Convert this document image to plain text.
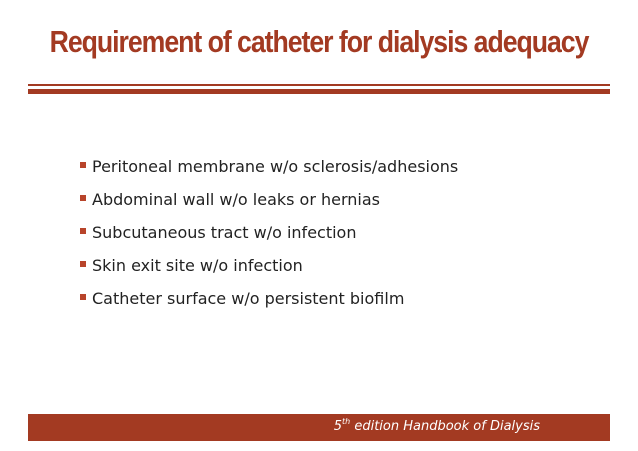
Requirement of catheter for dialysis adequacy
Peritoneal membrane w/o sclerosis/adhesions
Abdominal wall w/o leaks or hernias
Subcutaneous tract w/o infection
Skin exit site w/o infection
Catheter surface w/o persistent biofilm
5th edition Handbook of Dialysis
